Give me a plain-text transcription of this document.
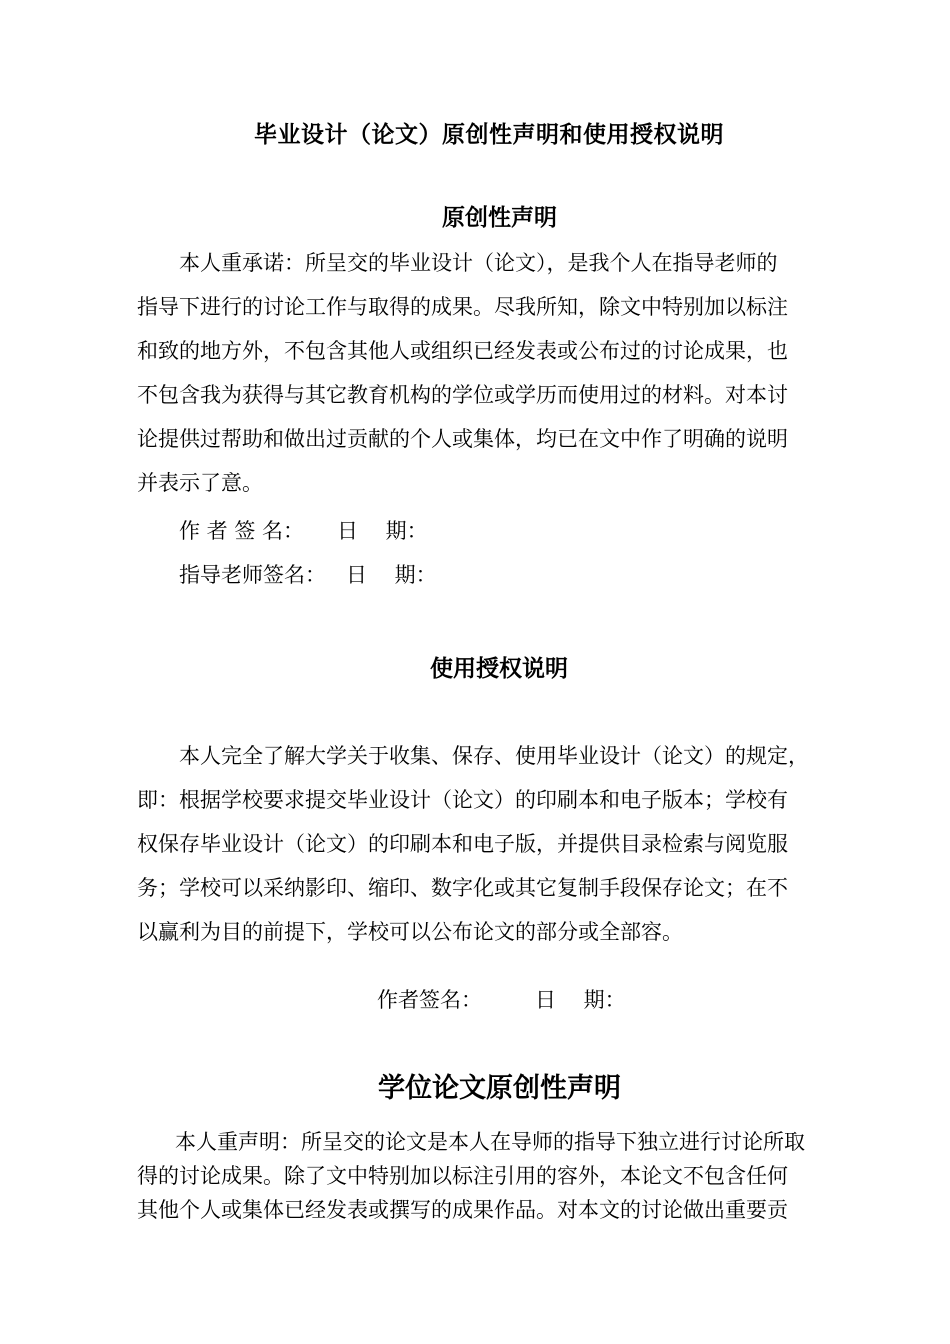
毕业设计（论文）原创性声明和使用授权说明
原创性声明
本人重承诺：所呈交的毕业设计（论文），是我个人在指导老师的
指导下进行的讨论工作与取得的成果。尽我所知，除文中特别加以标注
和致的地方外，不包含其他人或组织已经发表或公布过的讨论成果，也
不包含我为获得与其它教育机构的学位或学历而使用过的材料。对本讨
论提供过帮助和做出过贡献的个人或集体，均已在文中作了明确的说明
并表示了意。
作 者 签 名： 日　 期：
指导老师签名： 日　 期：
使用授权说明
本人完全了解大学关于收集、保存、使用毕业设计（论文）的规定，
即：根据学校要求提交毕业设计（论文）的印刷本和电子版本；学校有
权保存毕业设计（论文）的印刷本和电子版，并提供目录检索与阅览服
务；学校可以采纳影印、缩印、数字化或其它复制手段保存论文；在不
以赢利为目的前提下，学校可以公布论文的部分或全部容。
作者签名：	日　 期：
学位论文原创性声明
本人重声明：所呈交的论文是本人在导师的指导下独立进行讨论所取
得的讨论成果。除了文中特别加以标注引用的容外，本论文不包含任何
其他个人或集体已经发表或撰写的成果作品。对本文的讨论做出重要贡
